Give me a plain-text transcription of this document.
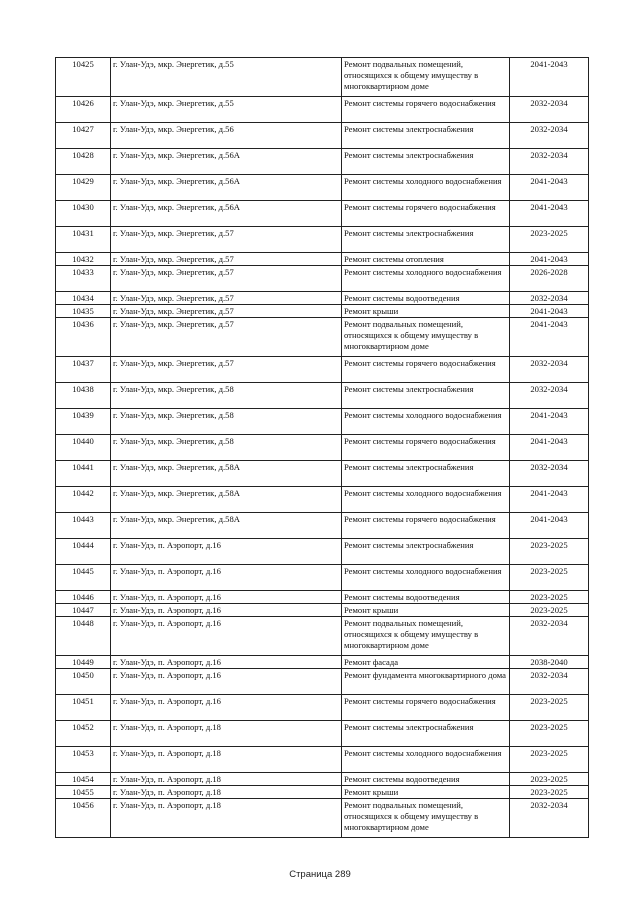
10425	г. Улан-Удэ, мкр. Энергетик, д.55	Ремонт подвальных помещений, относящихся к общему имуществу в многоквартирном доме	2041-2043
10426	г. Улан-Удэ, мкр. Энергетик, д.55	Ремонт системы горячего водоснабжения	2032-2034
10427	г. Улан-Удэ, мкр. Энергетик, д.56	Ремонт системы электроснабжения	2032-2034
10428	г. Улан-Удэ, мкр. Энергетик, д.56А	Ремонт системы электроснабжения	2032-2034
10429	г. Улан-Удэ, мкр. Энергетик, д.56А	Ремонт системы холодного водоснабжения	2041-2043
10430	г. Улан-Удэ, мкр. Энергетик, д.56А	Ремонт системы горячего водоснабжения	2041-2043
10431	г. Улан-Удэ, мкр. Энергетик, д.57	Ремонт системы электроснабжения	2023-2025
10432	г. Улан-Удэ, мкр. Энергетик, д.57	Ремонт системы отопления	2041-2043
10433	г. Улан-Удэ, мкр. Энергетик, д.57	Ремонт системы холодного водоснабжения	2026-2028
10434	г. Улан-Удэ, мкр. Энергетик, д.57	Ремонт системы водоотведения	2032-2034
10435	г. Улан-Удэ, мкр. Энергетик, д.57	Ремонт крыши	2041-2043
10436	г. Улан-Удэ, мкр. Энергетик, д.57	Ремонт подвальных помещений, относящихся к общему имуществу в многоквартирном доме	2041-2043
10437	г. Улан-Удэ, мкр. Энергетик, д.57	Ремонт системы горячего водоснабжения	2032-2034
10438	г. Улан-Удэ, мкр. Энергетик, д.58	Ремонт системы электроснабжения	2032-2034
10439	г. Улан-Удэ, мкр. Энергетик, д.58	Ремонт системы холодного водоснабжения	2041-2043
10440	г. Улан-Удэ, мкр. Энергетик, д.58	Ремонт системы горячего водоснабжения	2041-2043
10441	г. Улан-Удэ, мкр. Энергетик, д.58А	Ремонт системы электроснабжения	2032-2034
10442	г. Улан-Удэ, мкр. Энергетик, д.58А	Ремонт системы холодного водоснабжения	2041-2043
10443	г. Улан-Удэ, мкр. Энергетик, д.58А	Ремонт системы горячего водоснабжения	2041-2043
10444	г. Улан-Удэ, п. Аэропорт, д.16	Ремонт системы электроснабжения	2023-2025
10445	г. Улан-Удэ, п. Аэропорт, д.16	Ремонт системы холодного водоснабжения	2023-2025
10446	г. Улан-Удэ, п. Аэропорт, д.16	Ремонт системы водоотведения	2023-2025
10447	г. Улан-Удэ, п. Аэропорт, д.16	Ремонт крыши	2023-2025
10448	г. Улан-Удэ, п. Аэропорт, д.16	Ремонт подвальных помещений, относящихся к общему имуществу в многоквартирном доме	2032-2034
10449	г. Улан-Удэ, п. Аэропорт, д.16	Ремонт фасада	2038-2040
10450	г. Улан-Удэ, п. Аэропорт, д.16	Ремонт фундамента многоквартирного дома	2032-2034
10451	г. Улан-Удэ, п. Аэропорт, д.16	Ремонт системы горячего водоснабжения	2023-2025
10452	г. Улан-Удэ, п. Аэропорт, д.18	Ремонт системы электроснабжения	2023-2025
10453	г. Улан-Удэ, п. Аэропорт, д.18	Ремонт системы холодного водоснабжения	2023-2025
10454	г. Улан-Удэ, п. Аэропорт, д.18	Ремонт системы водоотведения	2023-2025
10455	г. Улан-Удэ, п. Аэропорт, д.18	Ремонт крыши	2023-2025
10456	г. Улан-Удэ, п. Аэропорт, д.18	Ремонт подвальных помещений, относящихся к общему имуществу в многоквартирном доме	2032-2034
Страница 289
